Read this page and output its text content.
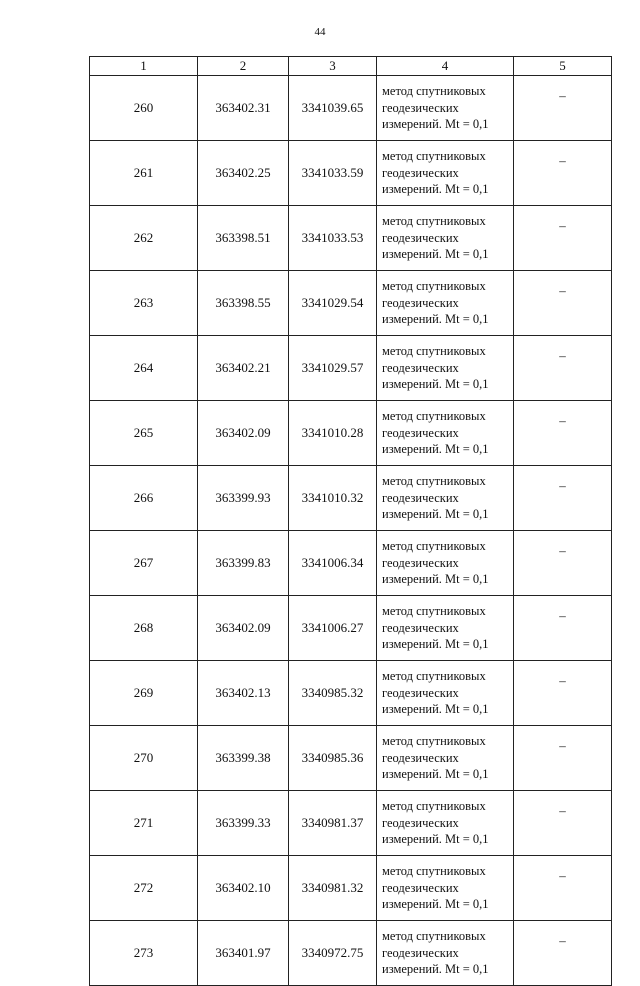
44
1	2	3	4	5
260	363402.31	3341039.65	метод спутниковых
геодезических
измерений. Mt = 0,1	–
261	363402.25	3341033.59	метод спутниковых
геодезических
измерений. Mt = 0,1	–
262	363398.51	3341033.53	метод спутниковых
геодезических
измерений. Mt = 0,1	–
263	363398.55	3341029.54	метод спутниковых
геодезических
измерений. Mt = 0,1	–
264	363402.21	3341029.57	метод спутниковых
геодезических
измерений. Mt = 0,1	–
265	363402.09	3341010.28	метод спутниковых
геодезических
измерений. Mt = 0,1	–
266	363399.93	3341010.32	метод спутниковых
геодезических
измерений. Mt = 0,1	–
267	363399.83	3341006.34	метод спутниковых
геодезических
измерений. Mt = 0,1	–
268	363402.09	3341006.27	метод спутниковых
геодезических
измерений. Mt = 0,1	–
269	363402.13	3340985.32	метод спутниковых
геодезических
измерений. Mt = 0,1	–
270	363399.38	3340985.36	метод спутниковых
геодезических
измерений. Mt = 0,1	–
271	363399.33	3340981.37	метод спутниковых
геодезических
измерений. Mt = 0,1	–
272	363402.10	3340981.32	метод спутниковых
геодезических
измерений. Mt = 0,1	–
273	363401.97	3340972.75	метод спутниковых
геодезических
измерений. Mt = 0,1	–
